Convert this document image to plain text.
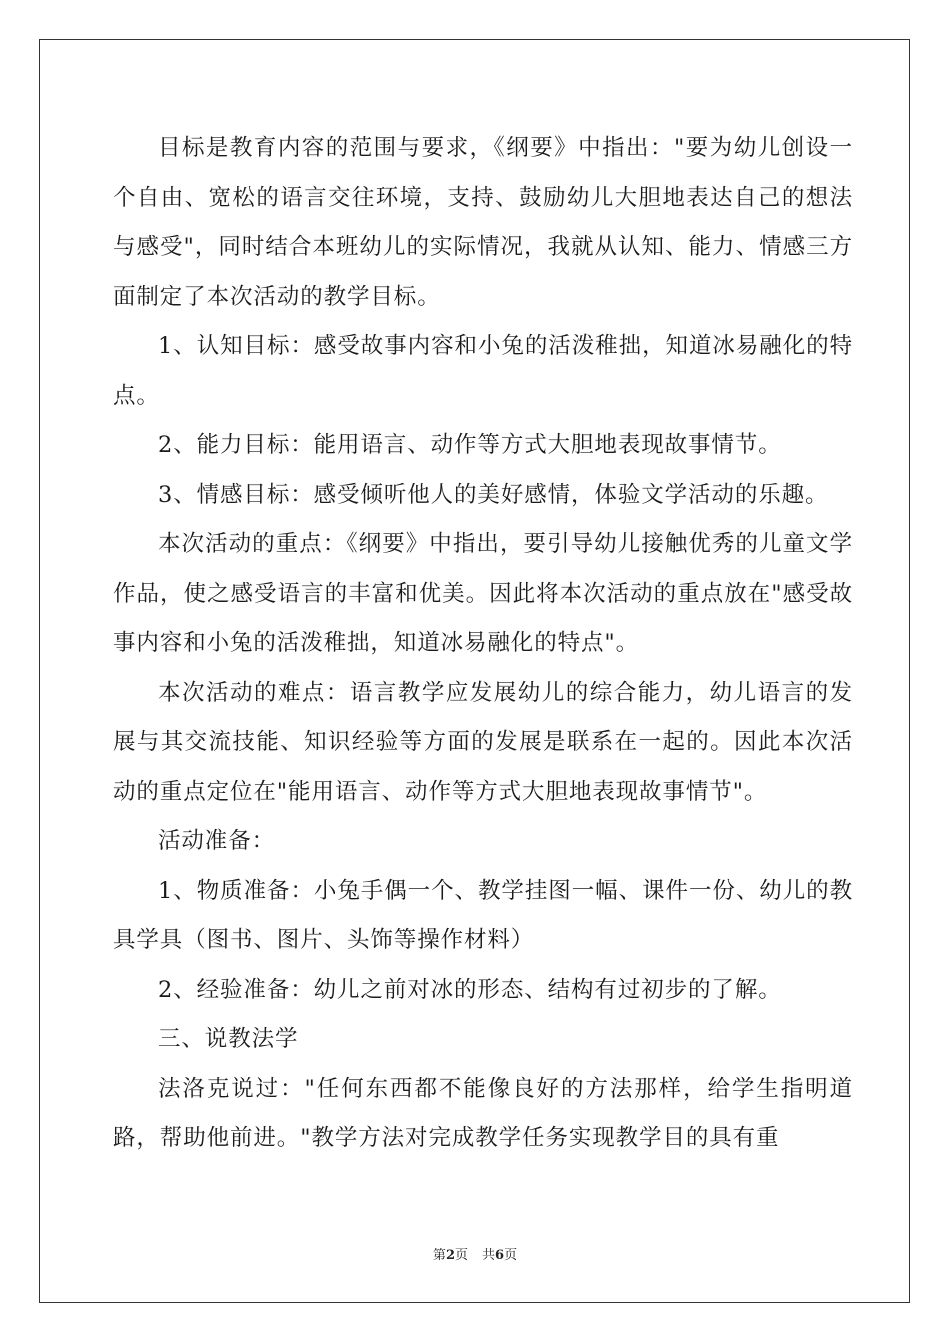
目标是教育内容的范围与要求，《纲要》中指出："要为幼儿创设一个自由、宽松的语言交往环境，支持、鼓励幼儿大胆地表达自己的想法与感受"，同时结合本班幼儿的实际情况，我就从认知、能力、情感三方面制定了本次活动的教学目标。

1、认知目标：感受故事内容和小兔的活泼稚拙，知道冰易融化的特点。

2、能力目标：能用语言、动作等方式大胆地表现故事情节。

3、情感目标：感受倾听他人的美好感情，体验文学活动的乐趣。

本次活动的重点：《纲要》中指出，要引导幼儿接触优秀的儿童文学作品，使之感受语言的丰富和优美。因此将本次活动的重点放在"感受故事内容和小兔的活泼稚拙，知道冰易融化的特点"。

本次活动的难点：语言教学应发展幼儿的综合能力，幼儿语言的发展与其交流技能、知识经验等方面的发展是联系在一起的。因此本次活动的重点定位在"能用语言、动作等方式大胆地表现故事情节"。

活动准备：

1、物质准备：小兔手偶一个、教学挂图一幅、课件一份、幼儿的教具学具（图书、图片、头饰等操作材料）

2、经验准备：幼儿之前对冰的形态、结构有过初步的了解。

三、说教法学

法洛克说过："任何东西都不能像良好的方法那样，给学生指明道路，帮助他前进。"教学方法对完成教学任务实现教学目的具有重

第2页 共6页
